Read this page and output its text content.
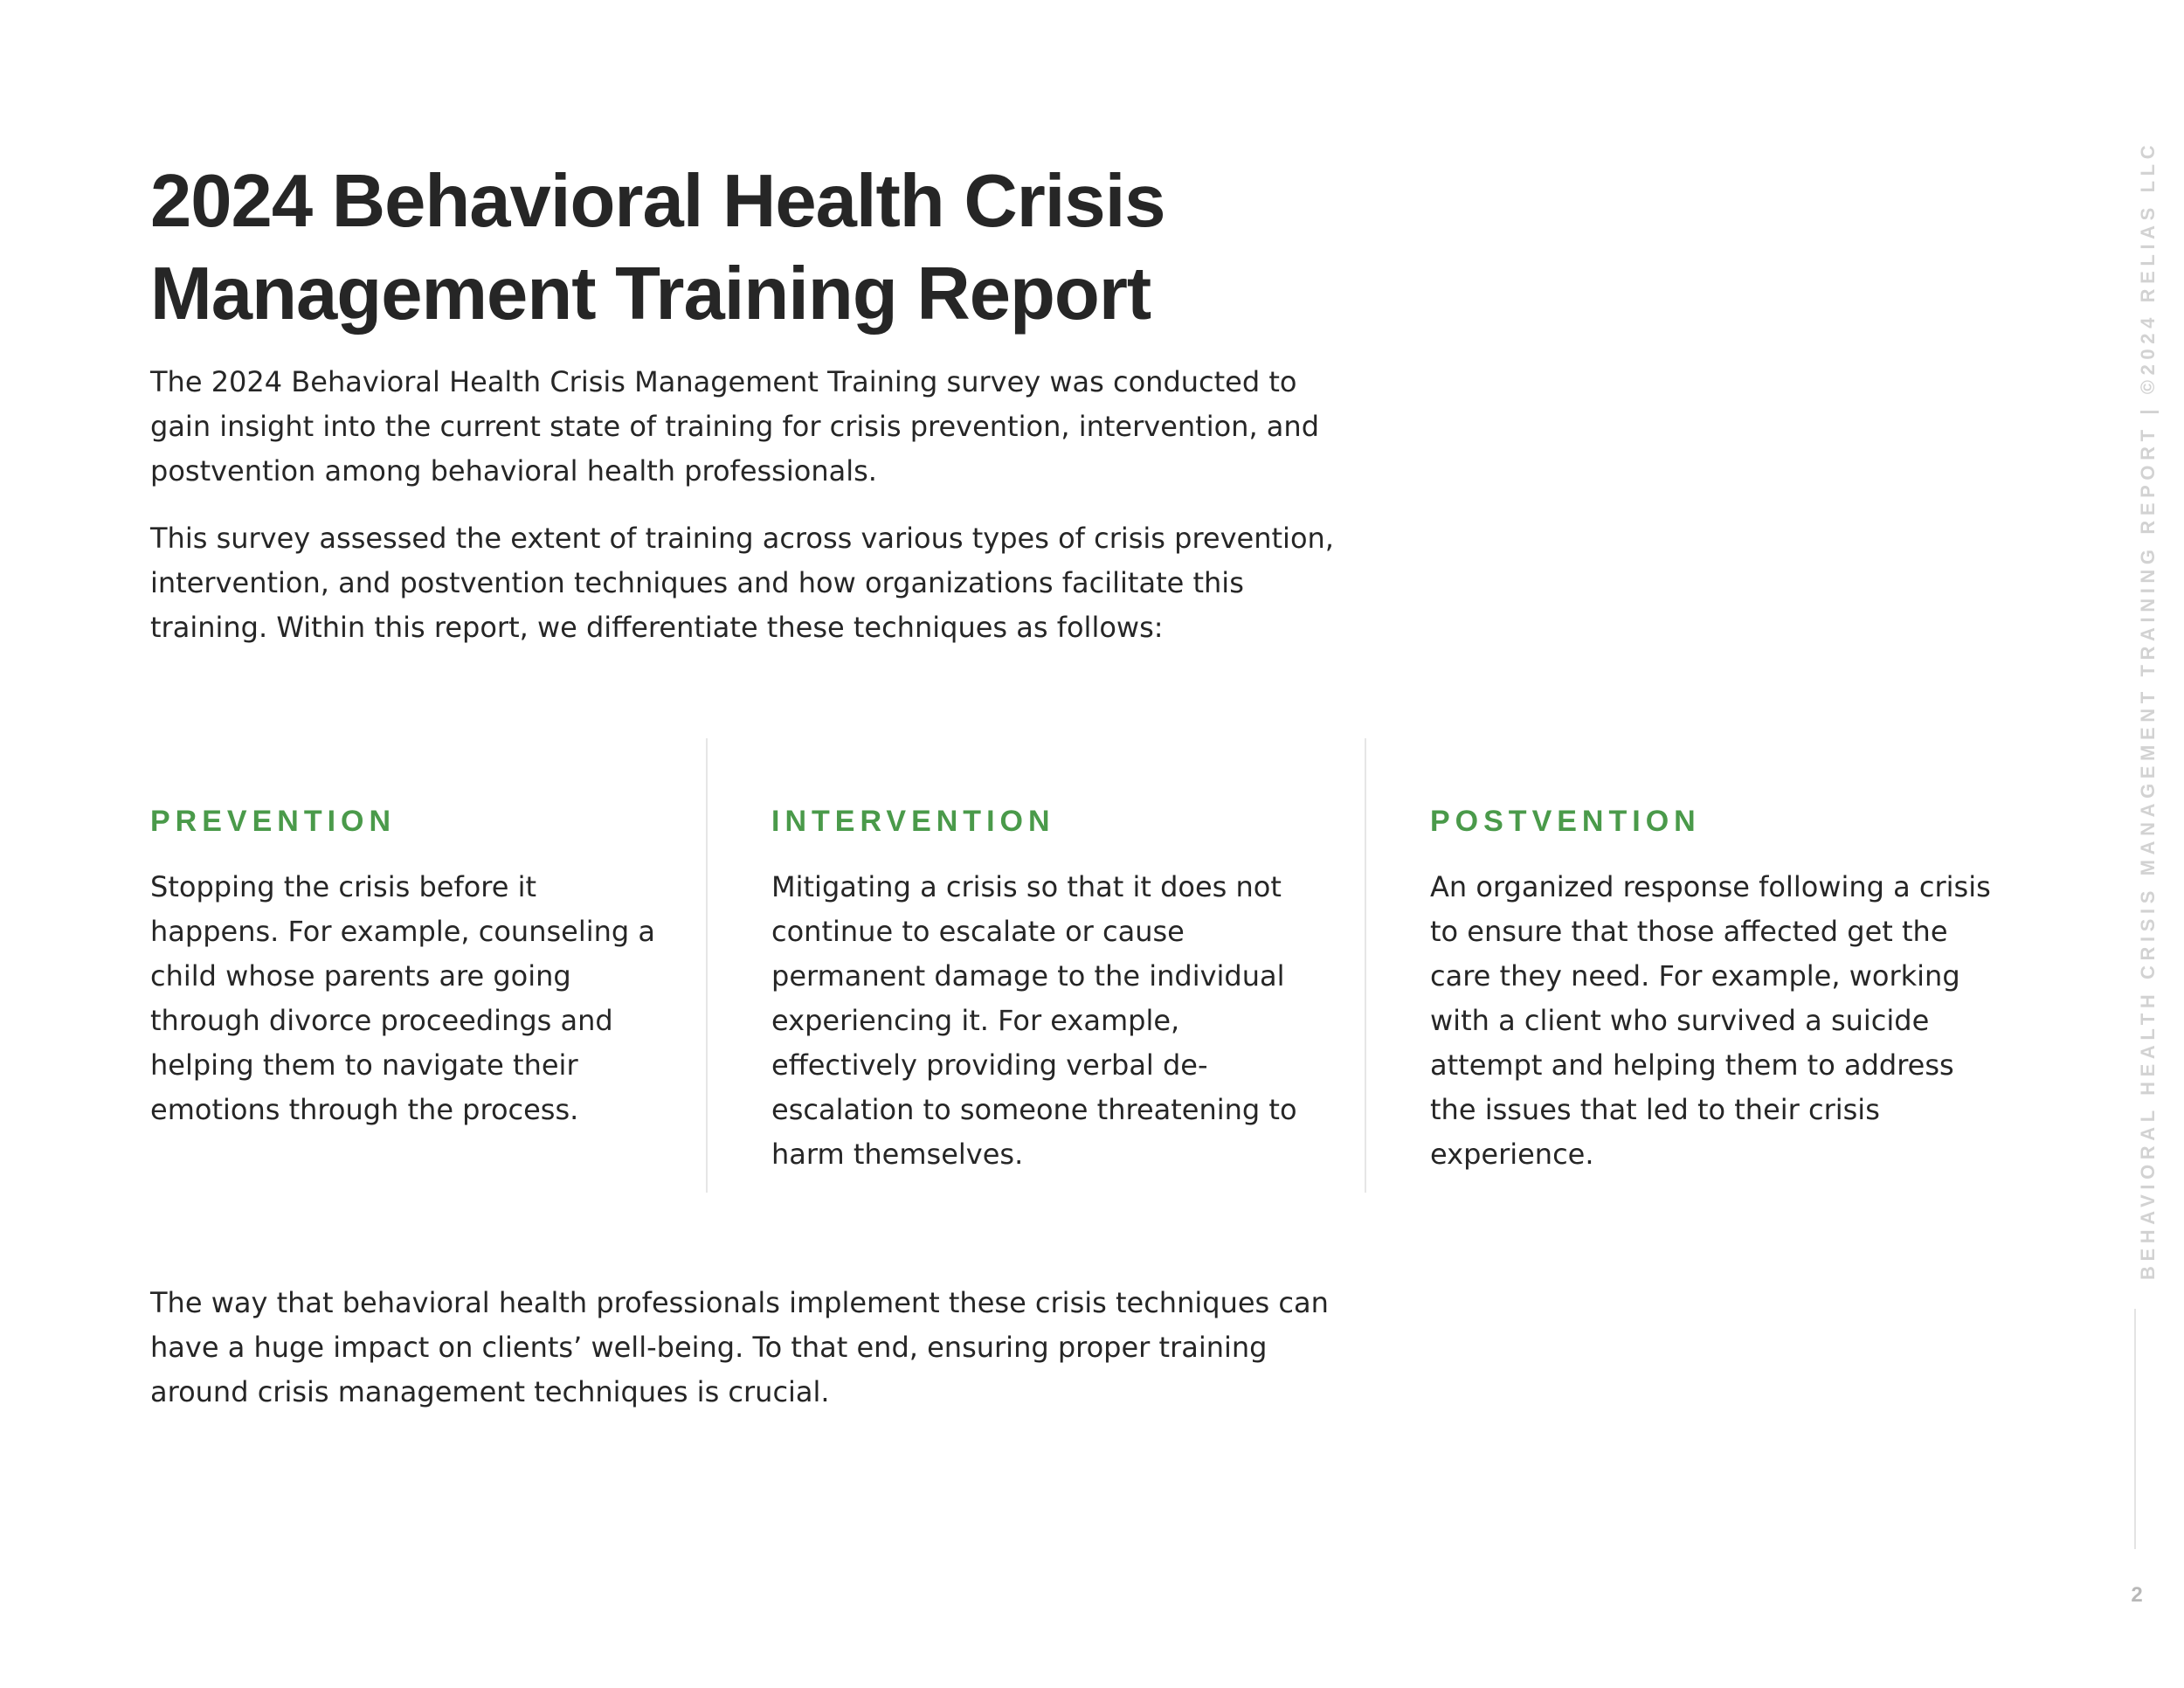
2024 Behavioral Health Crisis
Management Training Report

The 2024 Behavioral Health Crisis Management Training survey was conducted to gain insight into the current state of training for crisis prevention, intervention, and postvention among behavioral health professionals.

This survey assessed the extent of training across various types of crisis prevention, intervention, and postvention techniques and how organizations facilitate this training. Within this report, we differentiate these techniques as follows:

PREVENTION

Stopping the crisis before it happens. For example, counseling a child whose parents are going through divorce proceedings and helping them to navigate their emotions through the process.

INTERVENTION

Mitigating a crisis so that it does not continue to escalate or cause permanent damage to the individual experiencing it. For example, effectively providing verbal de-escalation to someone threatening to harm themselves.

POSTVENTION

An organized response following a crisis to ensure that those affected get the care they need. For example, working with a client who survived a suicide attempt and helping them to address the issues that led to their crisis experience.

The way that behavioral health professionals implement these crisis techniques can have a huge impact on clients’ well-being. To that end, ensuring proper training around crisis management techniques is crucial.

BEHAVIORAL HEALTH CRISIS MANAGEMENT TRAINING REPORT | ©2024 RELIAS LLC
2
